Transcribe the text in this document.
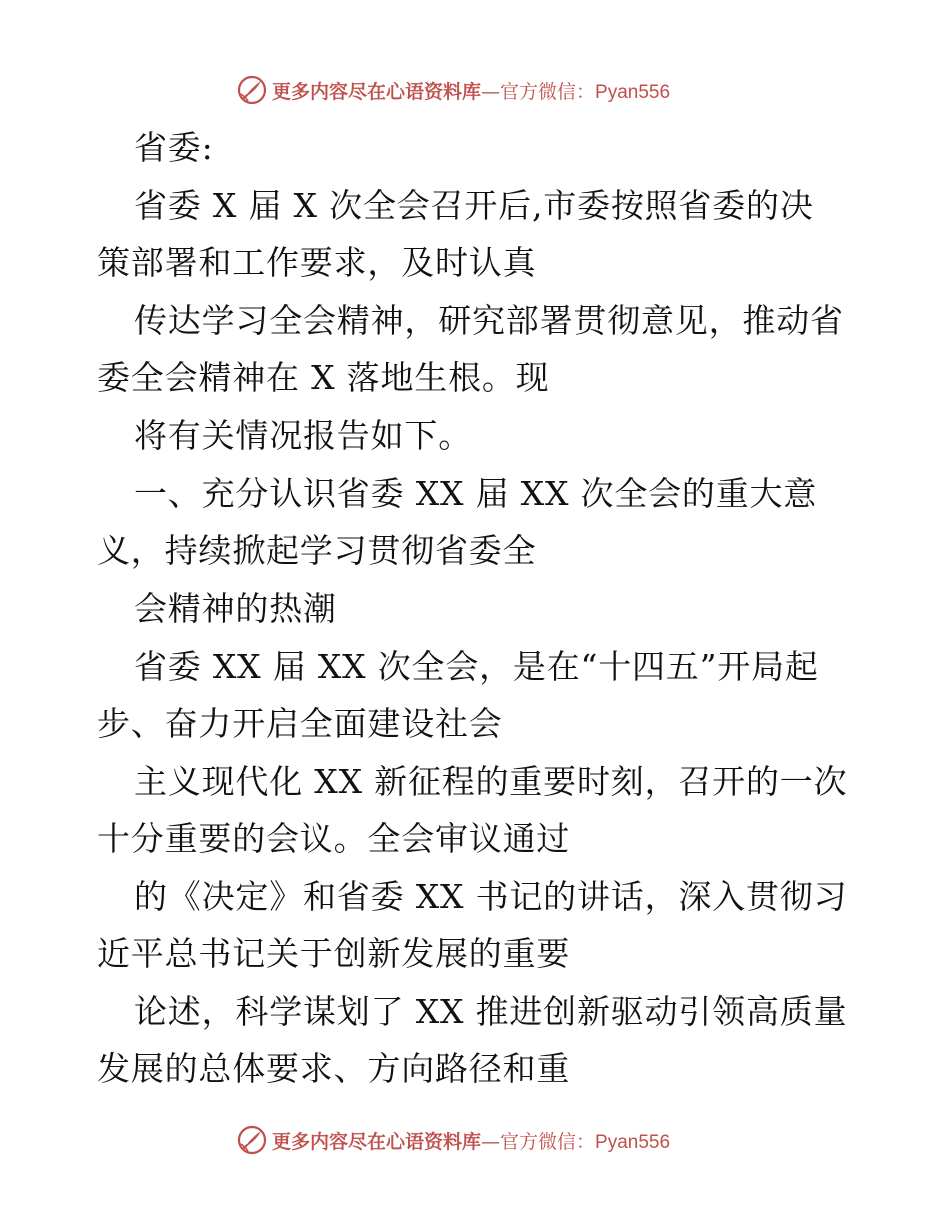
更多内容尽在心语资料库—官方微信：Pyan556
省委:
省委 X 届 X 次全会召开后,市委按照省委的决
策部署和工作要求，及时认真
传达学习全会精神，研究部署贯彻意见，推动省
委全会精神在 X 落地生根。现
将有关情况报告如下。
一、充分认识省委 XX 届 XX 次全会的重大意
义，持续掀起学习贯彻省委全
会精神的热潮
省委 XX 届 XX 次全会，是在“十四五”开局起
步、奋力开启全面建设社会
主义现代化 XX 新征程的重要时刻，召开的一次
十分重要的会议。全会审议通过
的《决定》和省委 XX 书记的讲话，深入贯彻习
近平总书记关于创新发展的重要
论述，科学谋划了 XX 推进创新驱动引领高质量
发展的总体要求、方向路径和重
更多内容尽在心语资料库—官方微信：Pyan556
